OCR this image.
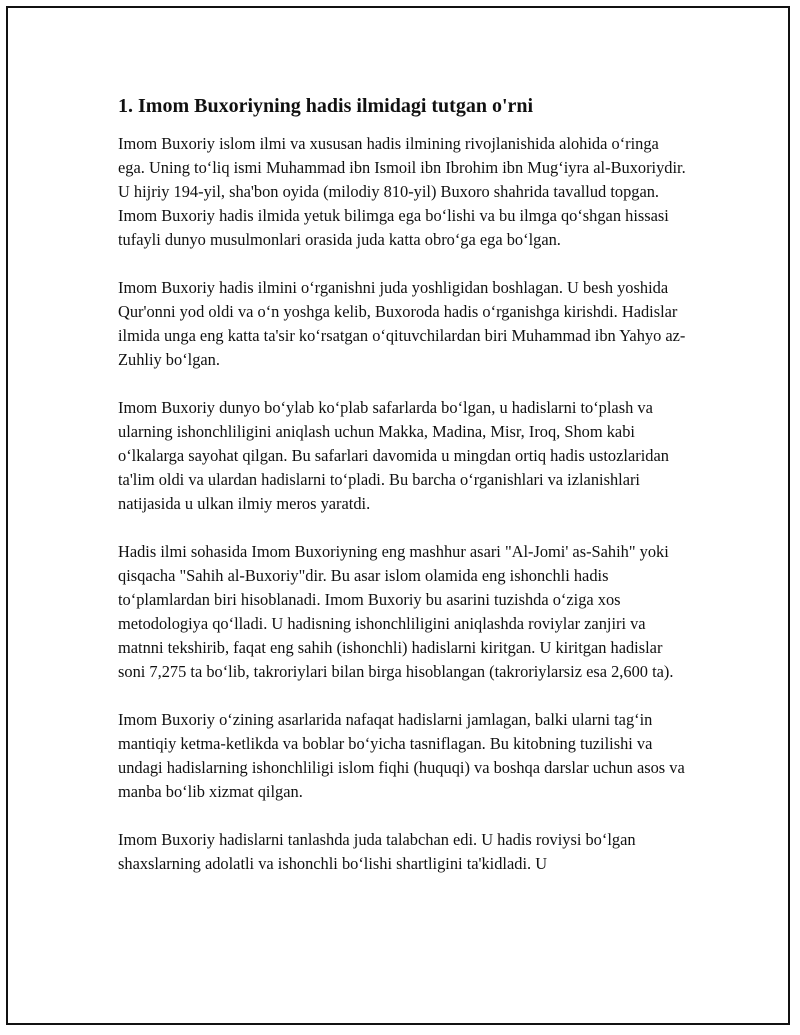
1. Imom Buxoriyning hadis ilmidagi tutgan o'rni

Imom Buxoriy islom ilmi va xususan hadis ilmining rivojlanishida alohida o‘ringa ega. Uning to‘liq ismi Muhammad ibn Ismoil ibn Ibrohim ibn Mug‘iyra al-Buxoriydir. U hijriy 194-yil, sha'bon oyida (milodiy 810-yil) Buxoro shahrida tavallud topgan. Imom Buxoriy hadis ilmida yetuk bilimga ega bo‘lishi va bu ilmga qo‘shgan hissasi tufayli dunyo musulmonlari orasida juda katta obro‘ga ega bo‘lgan.

Imom Buxoriy hadis ilmini o‘rganishni juda yoshligidan boshlagan. U besh yoshida Qur'onni yod oldi va o‘n yoshga kelib, Buxoroda hadis o‘rganishga kirishdi. Hadislar ilmida unga eng katta ta'sir ko‘rsatgan o‘qituvchilardan biri Muhammad ibn Yahyo az-Zuhliy bo‘lgan.

Imom Buxoriy dunyo bo‘ylab ko‘plab safarlarda bo‘lgan, u hadislarni to‘plash va ularning ishonchliligini aniqlash uchun Makka, Madina, Misr, Iroq, Shom kabi o‘lkalarga sayohat qilgan. Bu safarlari davomida u mingdan ortiq hadis ustozlaridan ta'lim oldi va ulardan hadislarni to‘pladi. Bu barcha o‘rganishlari va izlanishlari natijasida u ulkan ilmiy meros yaratdi.

Hadis ilmi sohasida Imom Buxoriyning eng mashhur asari "Al-Jomi' as-Sahih" yoki qisqacha "Sahih al-Buxoriy"dir. Bu asar islom olamida eng ishonchli hadis to‘plamlardan biri hisoblanadi. Imom Buxoriy bu asarini tuzishda o‘ziga xos metodologiya qo‘lladi. U hadisning ishonchliligini aniqlashda roviylar zanjiri va matnni tekshirib, faqat eng sahih (ishonchli) hadislarni kiritgan. U kiritgan hadislar soni 7,275 ta bo‘lib, takroriylari bilan birga hisoblangan (takroriylarsiz esa 2,600 ta).

Imom Buxoriy o‘zining asarlarida nafaqat hadislarni jamlagan, balki ularni tag‘in mantiqiy ketma-ketlikda va boblar bo‘yicha tasniflagan. Bu kitobning tuzilishi va undagi hadislarning ishonchliligi islom fiqhi (huquqi) va boshqa darslar uchun asos va manba bo‘lib xizmat qilgan.

Imom Buxoriy hadislarni tanlashda juda talabchan edi. U hadis roviysi bo‘lgan shaxslarning adolatli va ishonchli bo‘lishi shartligini ta'kidladi. U
